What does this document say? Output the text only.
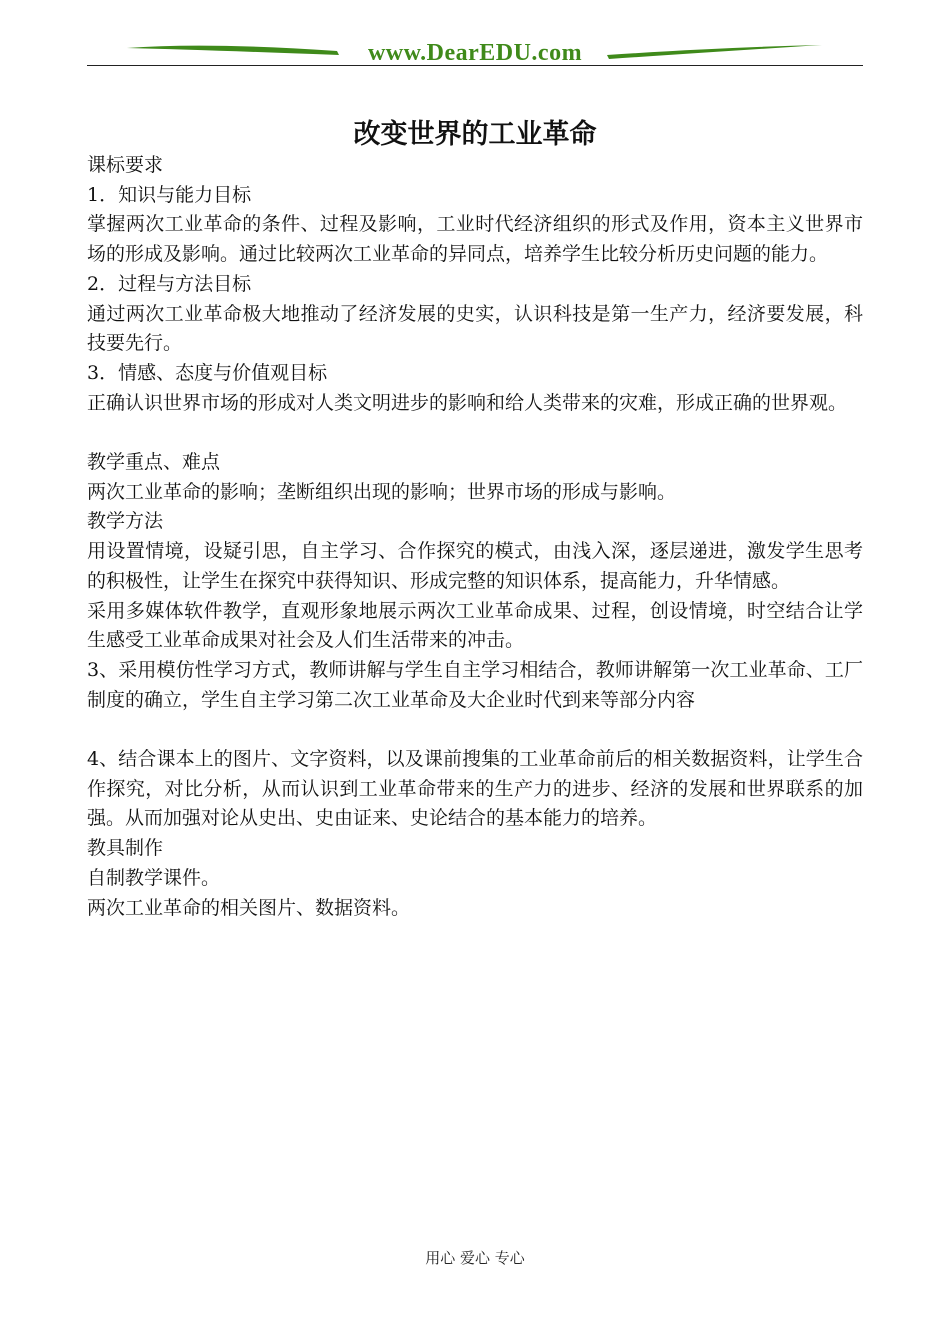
www.DearEDU.com
改变世界的工业革命

课标要求

1．知识与能力目标

掌握两次工业革命的条件、过程及影响，工业时代经济组织的形式及作用，资本主义世界市场的形成及影响。通过比较两次工业革命的异同点，培养学生比较分析历史问题的能力。

2．过程与方法目标

通过两次工业革命极大地推动了经济发展的史实，认识科技是第一生产力，经济要发展，科技要先行。

3．情感、态度与价值观目标

正确认识世界市场的形成对人类文明进步的影响和给人类带来的灾难，形成正确的世界观。

教学重点、难点

两次工业革命的影响；垄断组织出现的影响；世界市场的形成与影响。

教学方法

用设置情境，设疑引思，自主学习、合作探究的模式，由浅入深，逐层递进，激发学生思考的积极性，让学生在探究中获得知识、形成完整的知识体系，提高能力，升华情感。

采用多媒体软件教学，直观形象地展示两次工业革命成果、过程，创设情境，时空结合让学生感受工业革命成果对社会及人们生活带来的冲击。

3、采用模仿性学习方式，教师讲解与学生自主学习相结合，教师讲解第一次工业革命、工厂制度的确立，学生自主学习第二次工业革命及大企业时代到来等部分内容

4、结合课本上的图片、文字资料，以及课前搜集的工业革命前后的相关数据资料，让学生合作探究，对比分析，从而认识到工业革命带来的生产力的进步、经济的发展和世界联系的加强。从而加强对论从史出、史由证来、史论结合的基本能力的培养。

教具制作

自制教学课件。

两次工业革命的相关图片、数据资料。

用心 爱心 专心
